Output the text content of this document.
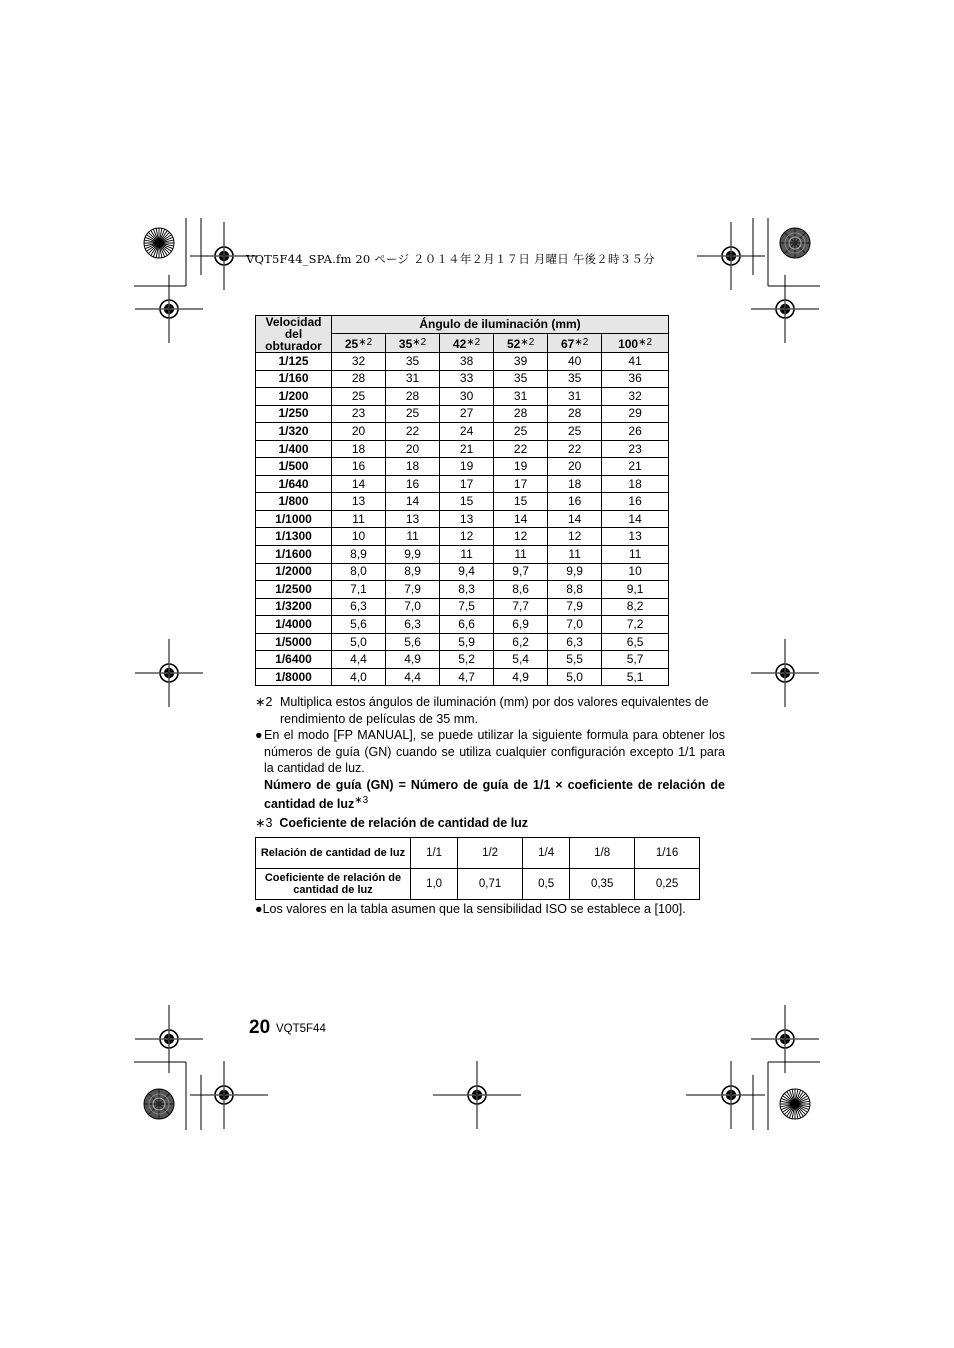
VQT5F44_SPA.fm 20 ページ ２０１４年２月１７日 月曜日 午後２時３５分
Velocidad
del
obturador	Ángulo de iluminación (mm)					
	$25^{∗2}$	$35^{∗2}$	$42^{∗2}$	$52^{∗2}$	$67^{∗2}$	$100^{∗2}$
1/125	32	35	38	39	40	41
1/160	28	31	33	35	35	36
1/200	25	28	30	31	31	32
1/250	23	25	27	28	28	29
1/320	20	22	24	25	25	26
1/400	18	20	21	22	22	23
1/500	16	18	19	19	20	21
1/640	14	16	17	17	18	18
1/800	13	14	15	15	16	16
1/1000	11	13	13	14	14	14
1/1300	10	11	12	12	12	13
1/1600	8,9	9,9	11	11	11	11
1/2000	8,0	8,9	9,4	9,7	9,9	10
1/2500	7,1	7,9	8,3	8,6	8,8	9,1
1/3200	6,3	7,0	7,5	7,7	7,9	8,2
1/4000	5,6	6,3	6,6	6,9	7,0	7,2
1/5000	5,0	5,6	5,9	6,2	6,3	6,5
1/6400	4,4	4,9	5,2	5,4	5,5	5,7
1/8000	4,0	4,4	4,7	4,9	5,0	5,1
∗2 Multiplica estos ángulos de iluminación (mm) por dos valores equivalentes de rendimiento de películas de 35 mm.
● En el modo [FP MANUAL], se puede utilizar la siguiente formula para obtener los números de guía (GN) cuando se utiliza cualquier configuración excepto 1/1 para la cantidad de luz.
Número de guía (GN) = Número de guía de 1/1 × coeficiente de relación de cantidad de luz$^{∗3}$
∗3 Coeficiente de relación de cantidad de luz
Relación de cantidad de luz	1/1	1/2	1/4	1/8	1/16
Coeficiente de relación de cantidad de luz	1,0	0,71	0,5	0,35	0,25
●Los valores en la tabla asumen que la sensibilidad ISO se establece a [100].
20 VQT5F44
